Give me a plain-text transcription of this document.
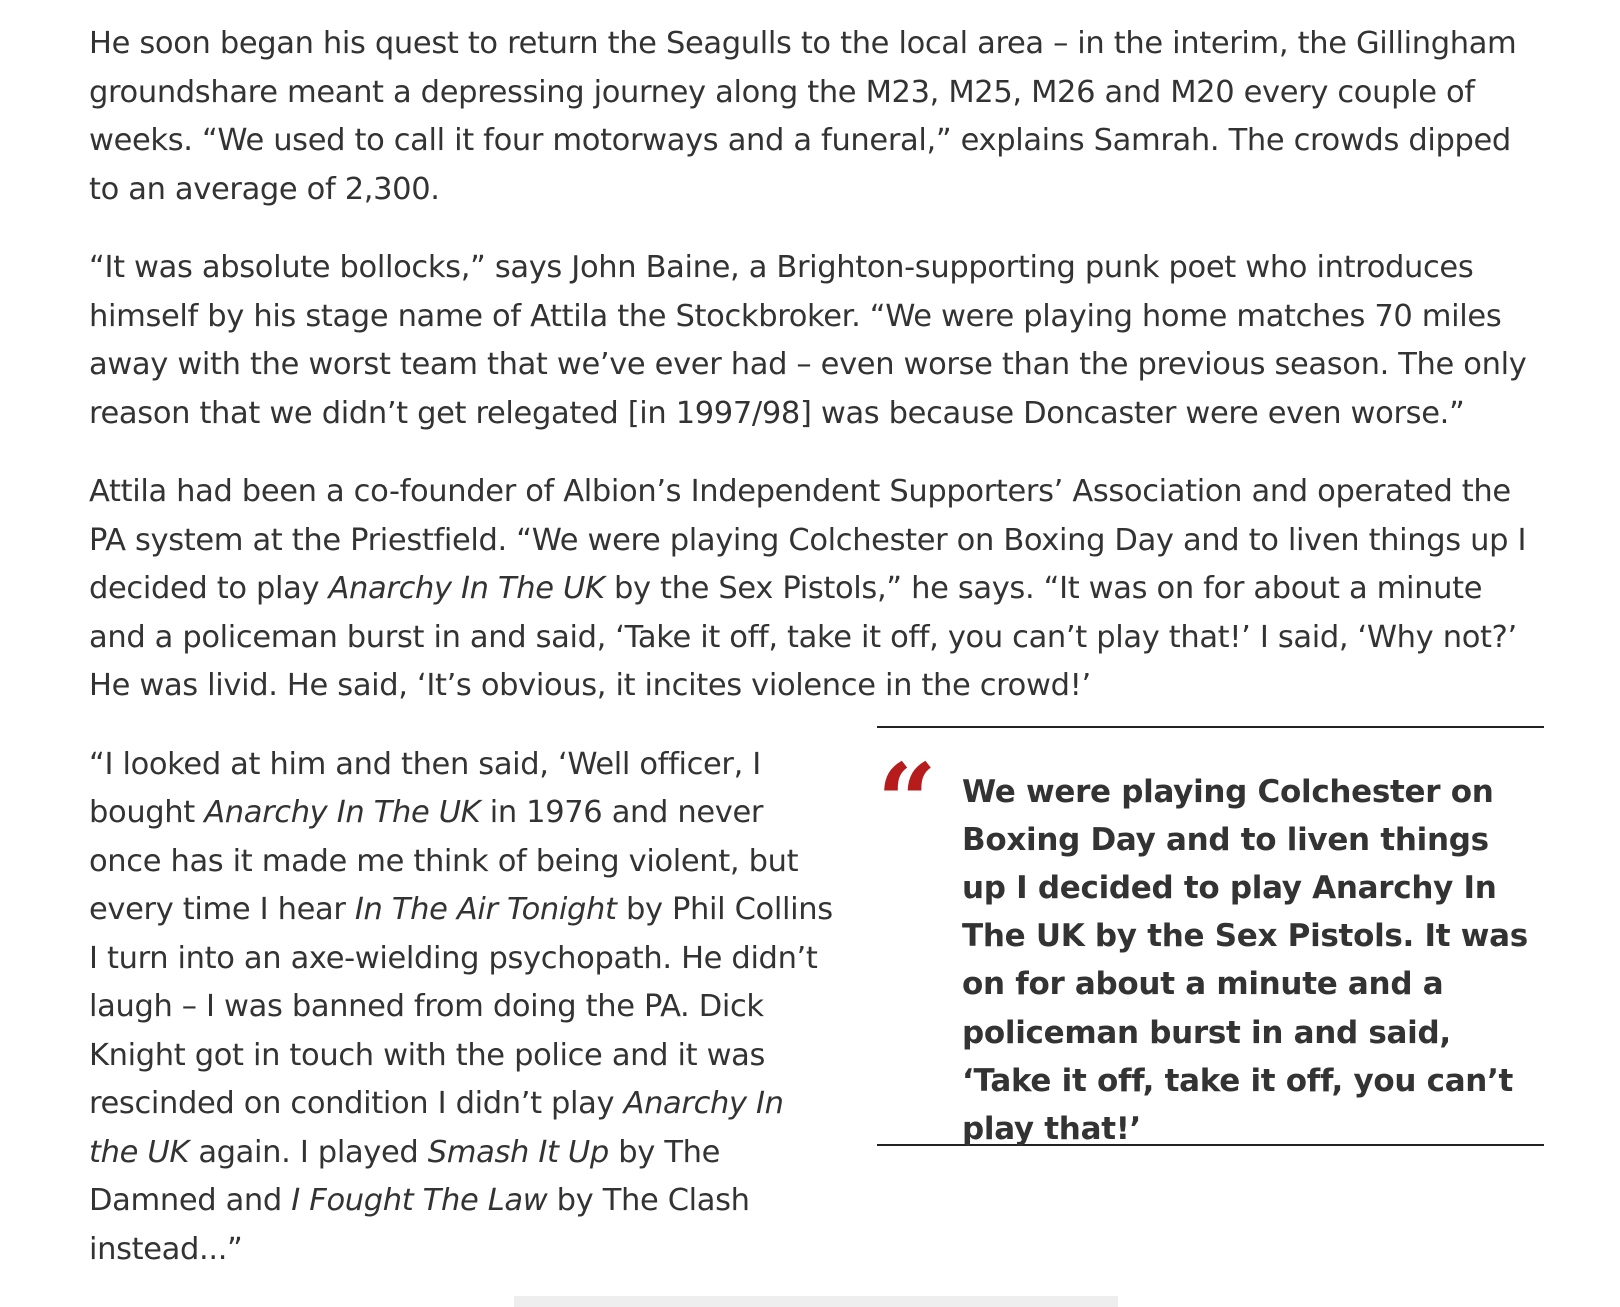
He soon began his quest to return the Seagulls to the local area – in the interim, the Gillingham groundshare meant a depressing journey along the M23, M25, M26 and M20 every couple of weeks. “We used to call it four motorways and a funeral,” explains Samrah. The crowds dipped to an average of 2,300.

“It was absolute bollocks,” says John Baine, a Brighton-supporting punk poet who introduces himself by his stage name of Attila the Stockbroker. “We were playing home matches 70 miles away with the worst team that we’ve ever had – even worse than the previous season. The only reason that we didn’t get relegated [in 1997/98] was because Doncaster were even worse.”

Attila had been a co-founder of Albion’s Independent Supporters’ Association and operated the PA system at the Priestfield. “We were playing Colchester on Boxing Day and to liven things up I decided to play Anarchy In The UK by the Sex Pistols,” he says. “It was on for about a minute and a policeman burst in and said, ‘Take it off, take it off, you can’t play that!’ I said, ‘Why not?’ He was livid. He said, ‘It’s obvious, it incites violence in the crowd!’

“I looked at him and then said, ‘Well officer, I bought Anarchy In The UK in 1976 and never once has it made me think of being violent, but every time I hear In The Air Tonight by Phil Collins I turn into an axe-wielding psychopath. He didn’t laugh – I was banned from doing the PA. Dick Knight got in touch with the police and it was rescinded on condition I didn’t play Anarchy In the UK again. I played Smash It Up by The Damned and I Fought The Law by The Clash instead...”

“ We were playing Colchester on Boxing Day and to liven things up I decided to play Anarchy In The UK by the Sex Pistols. It was on for about a minute and a policeman burst in and said, ‘Take it off, take it off, you can’t play that!’
